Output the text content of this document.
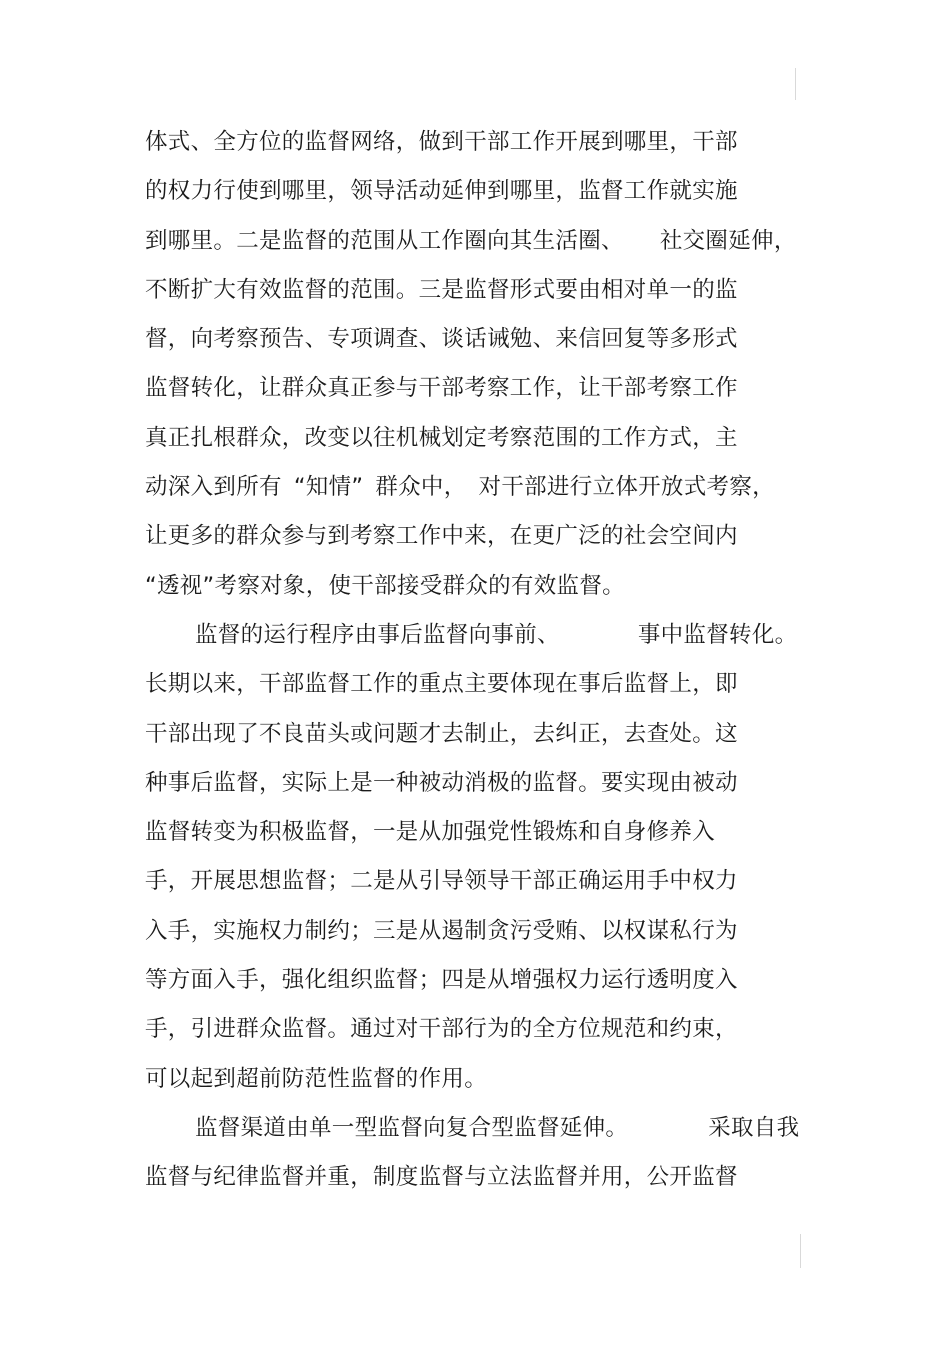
体式、全方位的监督网络，做到干部工作开展到哪里，干部
的权力行使到哪里，领导活动延伸到哪里，监督工作就实施
到哪里。二是监督的范围从工作圈向其生活圈、 社交圈延伸，
不断扩大有效监督的范围。三是监督形式要由相对单一的监
督，向考察预告、专项调查、谈话诫勉、来信回复等多形式
监督转化，让群众真正参与干部考察工作，让干部考察工作
真正扎根群众，改变以往机械划定考察范围的工作方式，主
动深入到所有 “知情” 群众中， 对干部进行立体开放式考察，
让更多的群众参与到考察工作中来，在更广泛的社会空间内
“透视”考察对象，使干部接受群众的有效监督。
监督的运行程序由事后监督向事前、	事中监督转化。
长期以来，干部监督工作的重点主要体现在事后监督上，即
干部出现了不良苗头或问题才去制止，去纠正，去查处。这
种事后监督，实际上是一种被动消极的监督。要实现由被动
监督转变为积极监督，一是从加强党性锻炼和自身修养入
手，开展思想监督；二是从引导领导干部正确运用手中权力
入手，实施权力制约；三是从遏制贪污受贿、以权谋私行为
等方面入手，强化组织监督；四是从增强权力运行透明度入
手，引进群众监督。通过对干部行为的全方位规范和约束，
可以起到超前防范性监督的作用。
监督渠道由单一型监督向复合型监督延伸。	采取自我
监督与纪律监督并重，制度监督与立法监督并用，公开监督
